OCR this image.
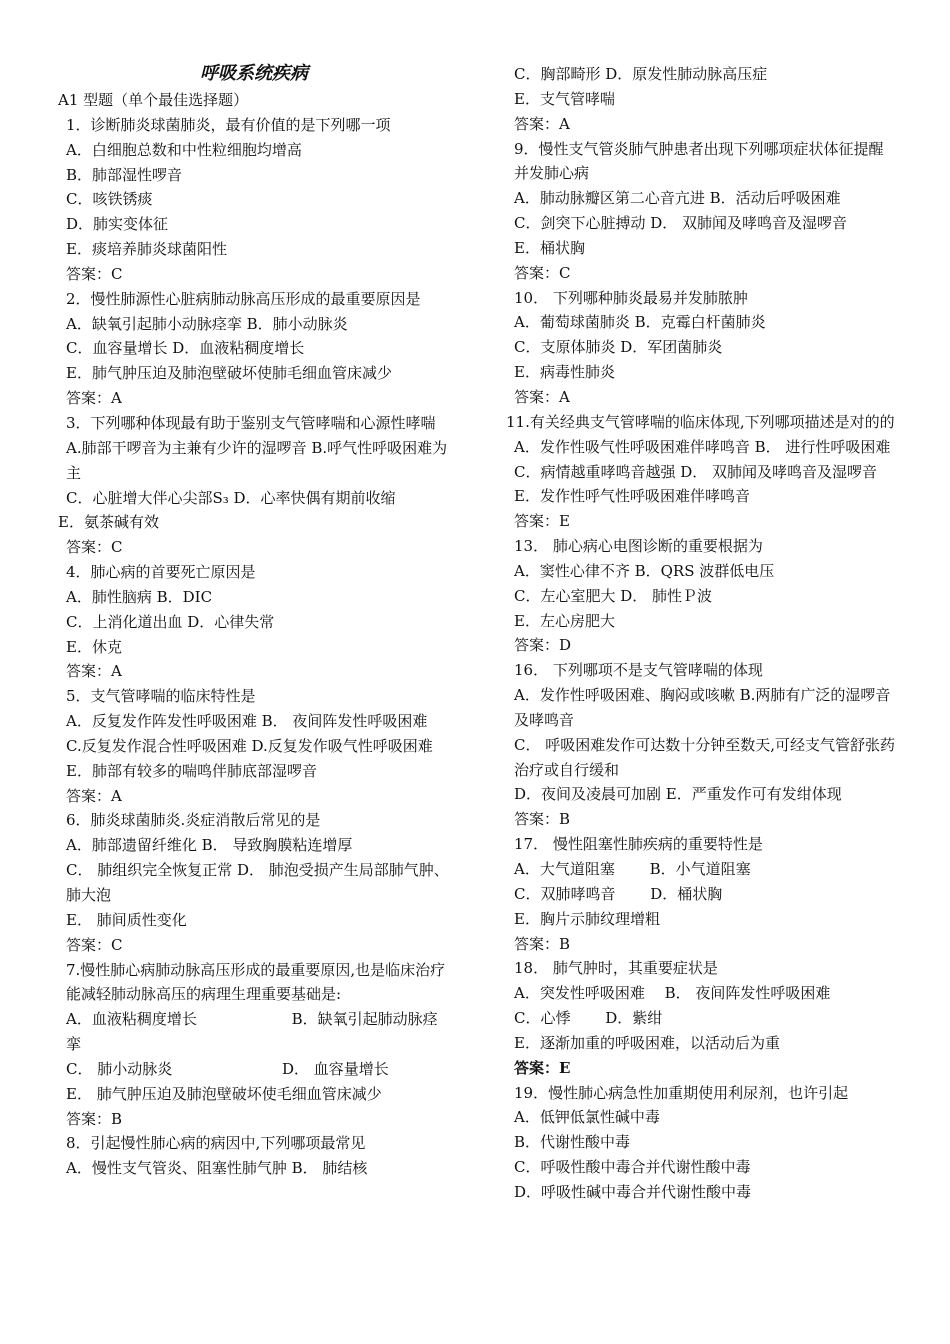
呼吸系统疾病
A1 型题（单个最佳选择题）
1．诊断肺炎球菌肺炎，最有价值的是下列哪一项
A．白细胞总数和中性粒细胞均增高
B．肺部湿性啰音
C．咳铁锈痰
D．肺实变体征
E．痰培养肺炎球菌阳性
答案：C
2．慢性肺源性心脏病肺动脉高压形成的最重要原因是
A．缺氧引起肺小动脉痉挛 B．肺小动脉炎
C．血容量增长 D．血液粘稠度增长
E．肺气肿压迫及肺泡壁破坏使肺毛细血管床减少
答案：A
3．下列哪种体现最有助于鉴别支气管哮喘和心源性哮喘
A.肺部干啰音为主兼有少许的湿啰音 B.呼气性呼吸困难为主
C．心脏增大伴心尖部S₃ D．心率快偶有期前收缩
E．氨茶碱有效
答案：C
4．肺心病的首要死亡原因是
A．肺性脑病 B．DIC
C．上消化道出血 D．心律失常
E．休克
答案：A
5．支气管哮喘的临床特性是
A．反复发作阵发性呼吸困难 B． 夜间阵发性呼吸困难
C.反复发作混合性呼吸困难 D.反复发作吸气性呼吸困难
E．肺部有较多的喘鸣伴肺底部湿啰音
答案：A
6．肺炎球菌肺炎.炎症消散后常见的是
A．肺部遗留纤维化 B． 导致胸膜粘连增厚
C． 肺组织完全恢复正常 D． 肺泡受损产生局部肺气肿、肺大泡
E． 肺间质性变化
答案：C
7.慢性肺心病肺动脉高压形成的最重要原因,也是临床治疗能减轻肺动脉高压的病理生理重要基础是:
A．血液粘稠度增长　　　　　　 B．缺氧引起肺动脉痉挛
C． 肺小动脉炎　　　　　　　 D． 血容量增长
E． 肺气肿压迫及肺泡壁破坏使毛细血管床减少
答案：B
8．引起慢性肺心病的病因中,下列哪项最常见
A．慢性支气管炎、阻塞性肺气肿 B． 肺结核
C．胸部畸形 D．原发性肺动脉高压症
E．支气管哮喘
答案：A
9．慢性支气管炎肺气肿患者出现下列哪项症状体征提醒并发肺心病
A．肺动脉瓣区第二心音亢进 B．活动后呼吸困难
C．剑突下心脏搏动 D． 双肺闻及哮鸣音及湿啰音
E．桶状胸
答案：C
10． 下列哪种肺炎最易并发肺脓肿
A．葡萄球菌肺炎 B．克霉白杆菌肺炎
C．支原体肺炎 D．军团菌肺炎
E．病毒性肺炎
答案：A
11.有关经典支气管哮喘的临床体现,下列哪项描述是对的的
A．发作性吸气性呼吸困难伴哮鸣音 B． 进行性呼吸困难
C．病情越重哮鸣音越强 D． 双肺闻及哮鸣音及湿啰音
E．发作性呼气性呼吸困难伴哮鸣音
答案：E
13． 肺心病心电图诊断的重要根据为
A．窦性心律不齐 B．QRS 波群低电压
C．左心室肥大 D． 肺性Ｐ波
E．左心房肥大
答案：D
16． 下列哪项不是支气管哮喘的体现
A．发作性呼吸困难、胸闷或咳嗽 B.两肺有广泛的湿啰音及哮鸣音
C． 呼吸困难发作可达数十分钟至数天,可经支气管舒张药治疗或自行缓和
D．夜间及凌晨可加剧 E．严重发作可有发绀体现
答案：B
17． 慢性阻塞性肺疾病的重要特性是
A．大气道阻塞　　 B．小气道阻塞
C．双肺哮鸣音　　 D．桶状胸
E．胸片示肺纹理增粗
答案：B
18． 肺气肿时，其重要症状是
A．突发性呼吸困难　 B． 夜间阵发性呼吸困难
C．心悸　　 D．紫绀
E．逐渐加重的呼吸困难，以活动后为重
答案：E
19．慢性肺心病急性加重期使用利尿剂，也许引起
A．低钾低氯性碱中毒
B．代谢性酸中毒
C．呼吸性酸中毒合并代谢性酸中毒
D．呼吸性碱中毒合并代谢性酸中毒
